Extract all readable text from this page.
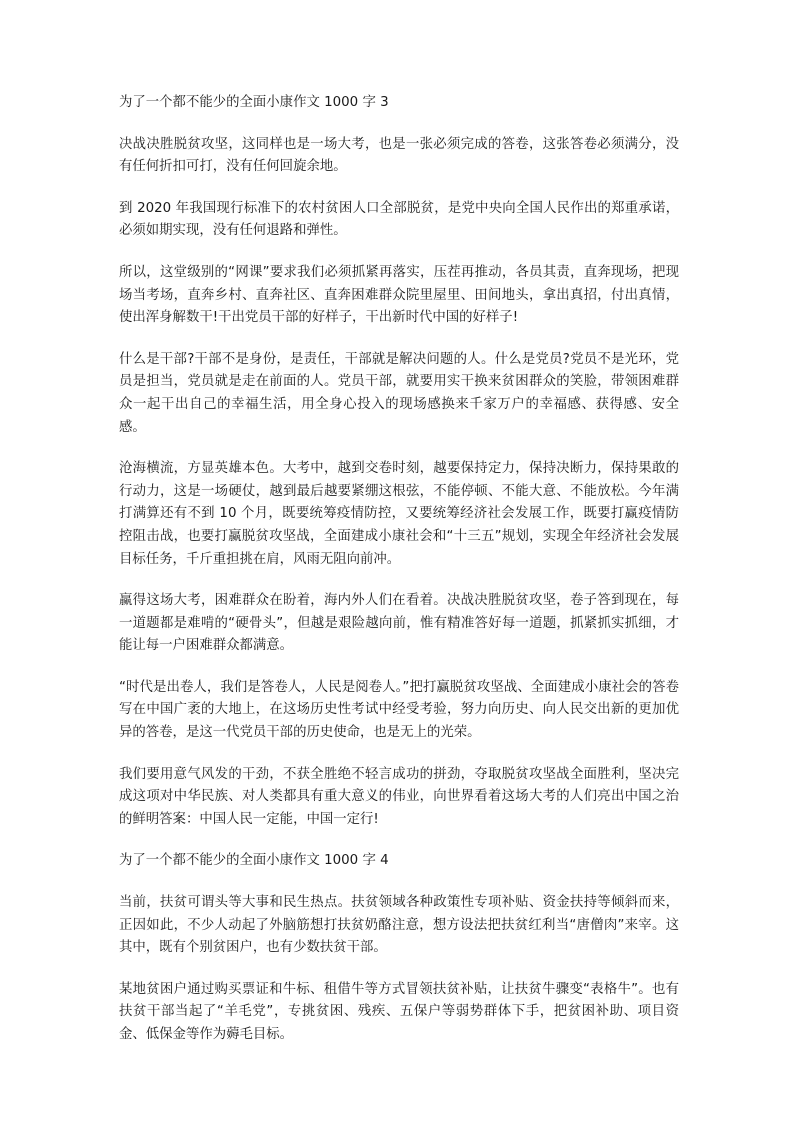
为了一个都不能少的全面小康作文 1000 字 3

决战决胜脱贫攻坚，这同样也是一场大考，也是一张必须完成的答卷，这张答卷必须满分，没有任何折扣可打，没有任何回旋余地。

到 2020 年我国现行标准下的农村贫困人口全部脱贫，是党中央向全国人民作出的郑重承诺，必须如期实现，没有任何退路和弹性。

所以，这堂级别的“网课”要求我们必须抓紧再落实，压茬再推动，各员其责，直奔现场，把现场当考场，直奔乡村、直奔社区、直奔困难群众院里屋里、田间地头，拿出真招，付出真情，使出浑身解数干!干出党员干部的好样子，干出新时代中国的好样子!

什么是干部?干部不是身份，是责任，干部就是解决问题的人。什么是党员?党员不是光环，党员是担当，党员就是走在前面的人。党员干部，就要用实干换来贫困群众的笑脸，带领困难群众一起干出自己的幸福生活，用全身心投入的现场感换来千家万户的幸福感、获得感、安全感。

沧海横流，方显英雄本色。大考中，越到交卷时刻，越要保持定力，保持决断力，保持果敢的行动力，这是一场硬仗，越到最后越要紧绷这根弦，不能停顿、不能大意、不能放松。今年满打满算还有不到 10 个月，既要统筹疫情防控，又要统筹经济社会发展工作，既要打赢疫情防控阻击战，也要打赢脱贫攻坚战，全面建成小康社会和“十三五”规划，实现全年经济社会发展目标任务，千斤重担挑在肩，风雨无阻向前冲。

赢得这场大考，困难群众在盼着，海内外人们在看着。决战决胜脱贫攻坚，卷子答到现在，每一道题都是难啃的“硬骨头”，但越是艰险越向前，惟有精准答好每一道题，抓紧抓实抓细，才能让每一户困难群众都满意。

“时代是出卷人，我们是答卷人，人民是阅卷人。”把打赢脱贫攻坚战、全面建成小康社会的答卷写在中国广袤的大地上，在这场历史性考试中经受考验，努力向历史、向人民交出新的更加优异的答卷，是这一代党员干部的历史使命，也是无上的光荣。

我们要用意气风发的干劲，不获全胜绝不轻言成功的拼劲，夺取脱贫攻坚战全面胜利，坚决完成这项对中华民族、对人类都具有重大意义的伟业，向世界看着这场大考的人们亮出中国之治的鲜明答案：中国人民一定能，中国一定行!

为了一个都不能少的全面小康作文 1000 字 4

当前，扶贫可谓头等大事和民生热点。扶贫领域各种政策性专项补贴、资金扶持等倾斜而来，正因如此，不少人动起了外脑筋想打扶贫奶酪注意，想方设法把扶贫红利当“唐僧肉”来宰。这其中，既有个别贫困户，也有少数扶贫干部。

某地贫困户通过购买票证和牛标、租借牛等方式冒领扶贫补贴，让扶贫牛骤变“表格牛”。也有扶贫干部当起了“羊毛党”，专挑贫困、残疾、五保户等弱势群体下手，把贫困补助、项目资金、低保金等作为薅毛目标。
